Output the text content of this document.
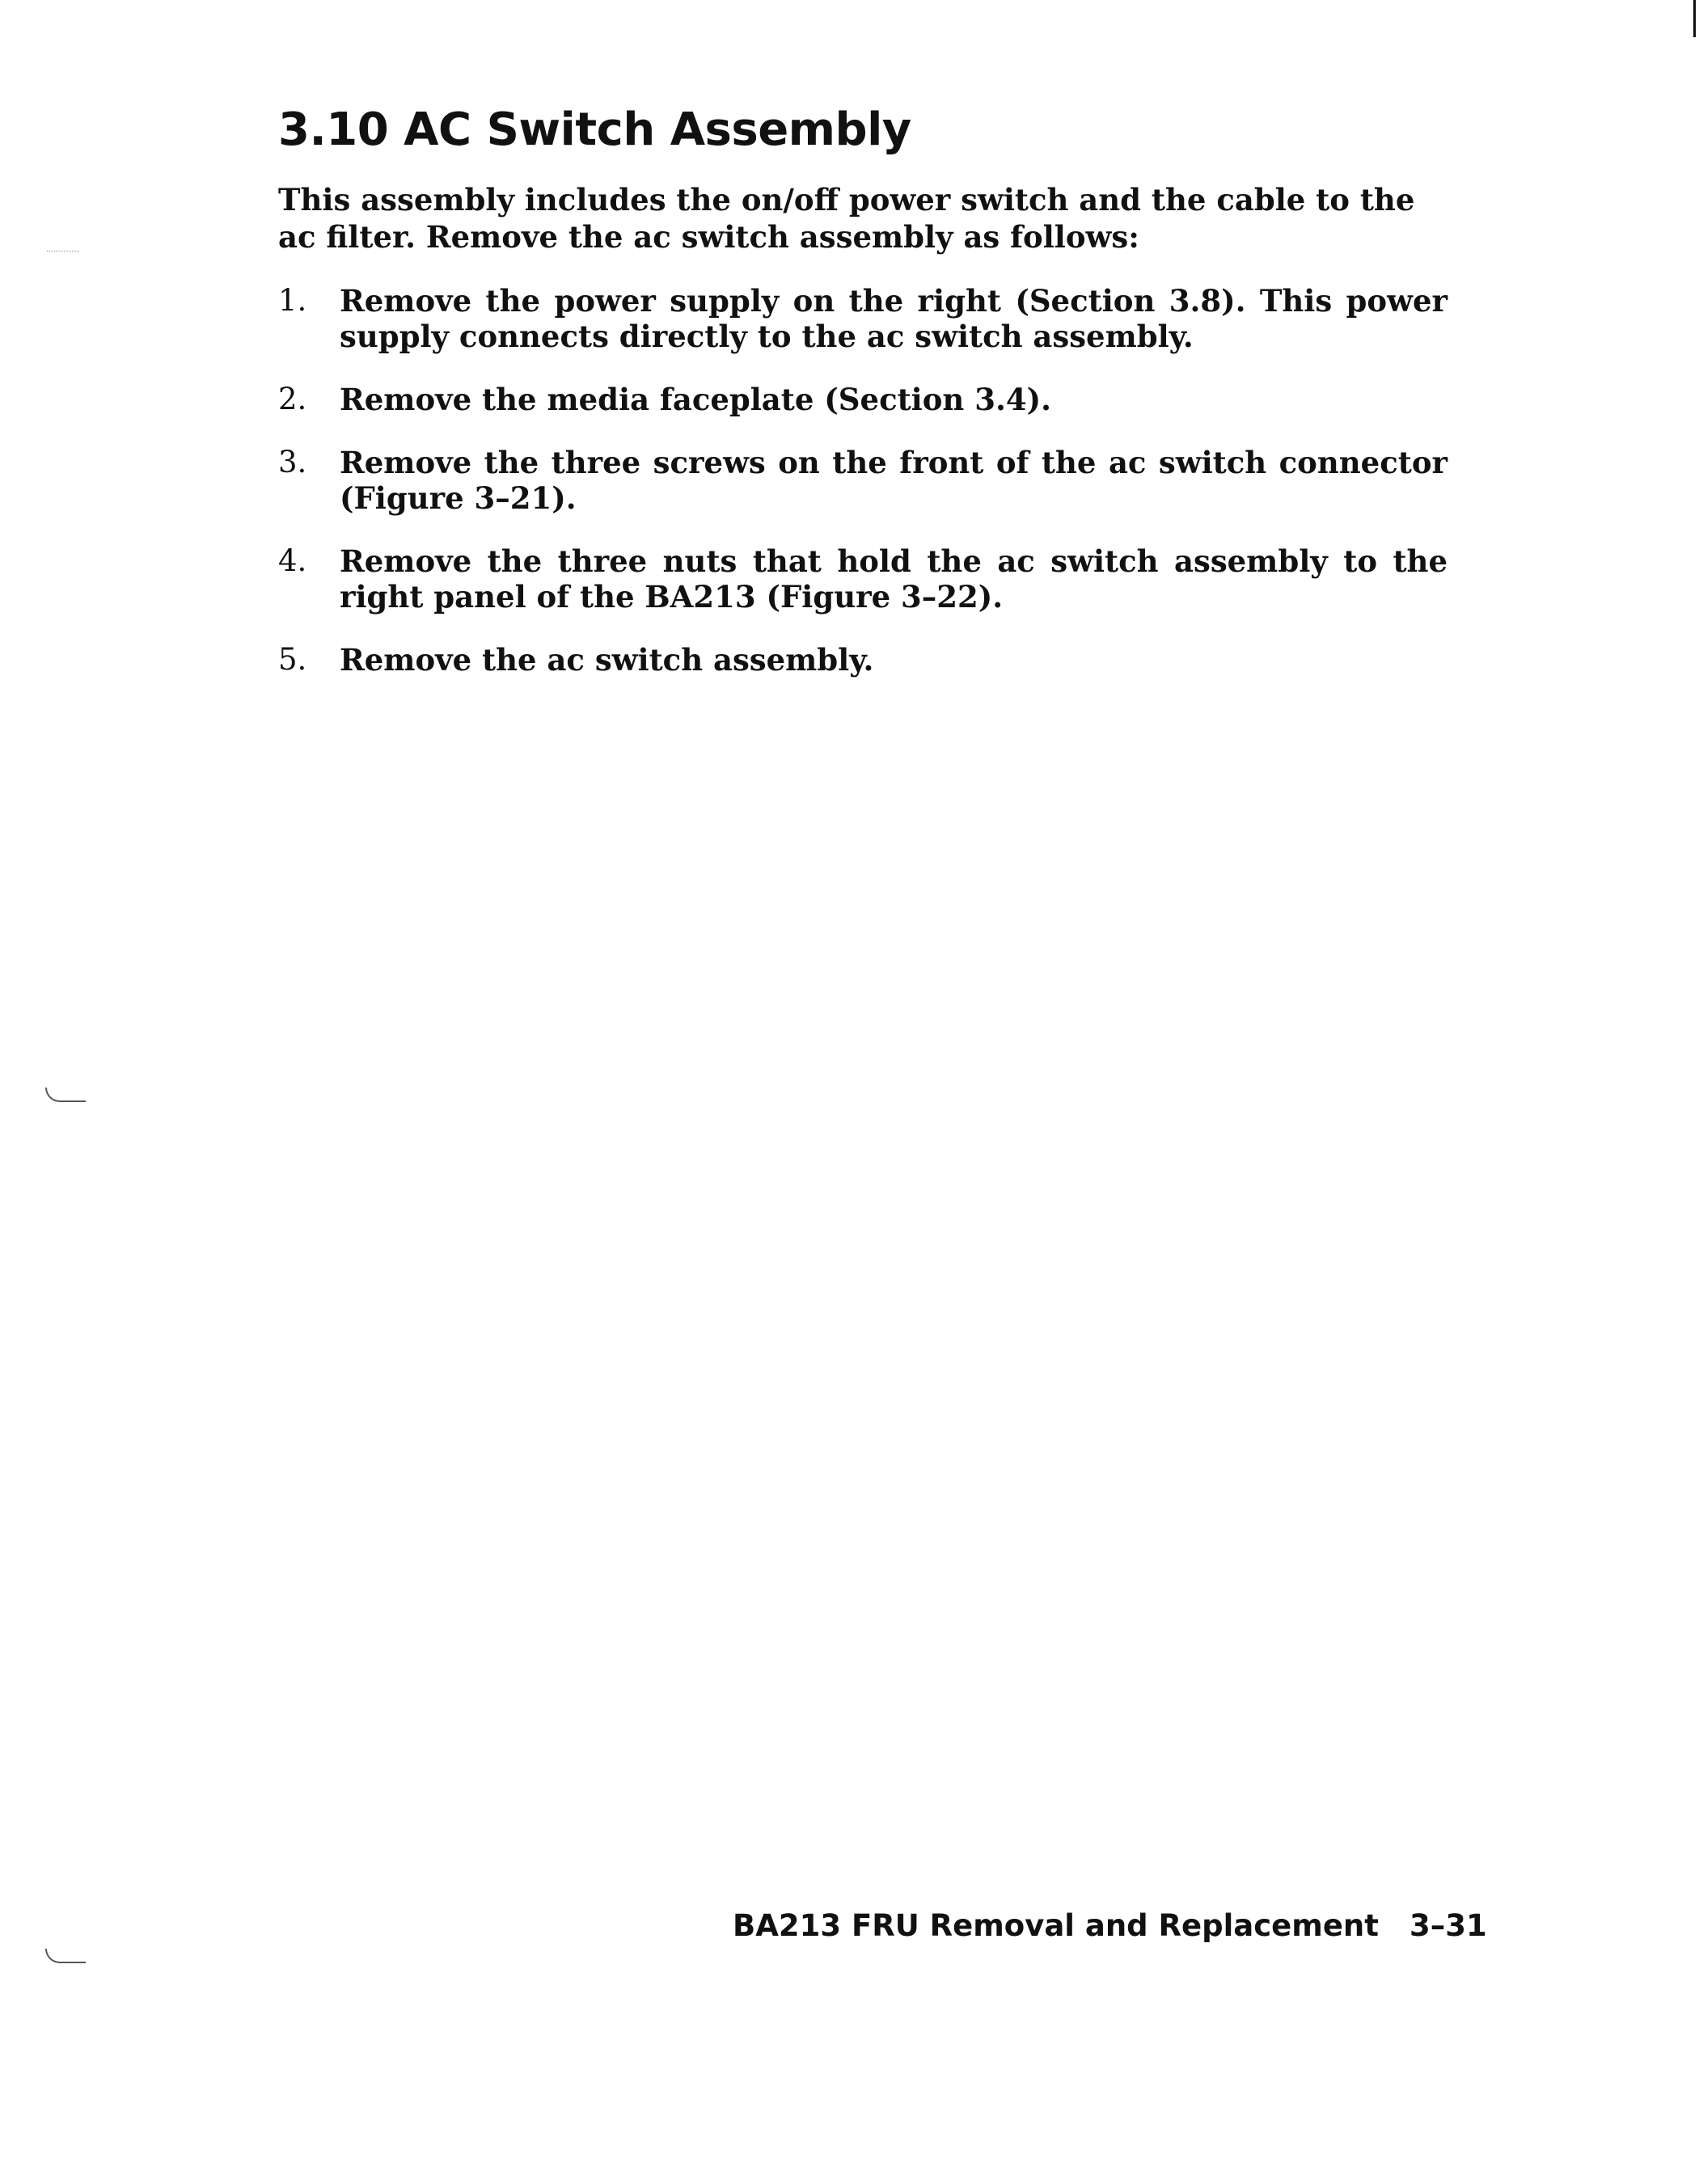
3.10 AC Switch Assembly

This assembly includes the on/off power switch and the cable to the ac filter. Remove the ac switch assembly as follows:

1. Remove the power supply on the right (Section 3.8). This power supply connects directly to the ac switch assembly.
2. Remove the media faceplate (Section 3.4).
3. Remove the three screws on the front of the ac switch connector (Figure 3–21).
4. Remove the three nuts that hold the ac switch assembly to the right panel of the BA213 (Figure 3–22).
5. Remove the ac switch assembly.
BA213 FRU Removal and Replacement 3–31
